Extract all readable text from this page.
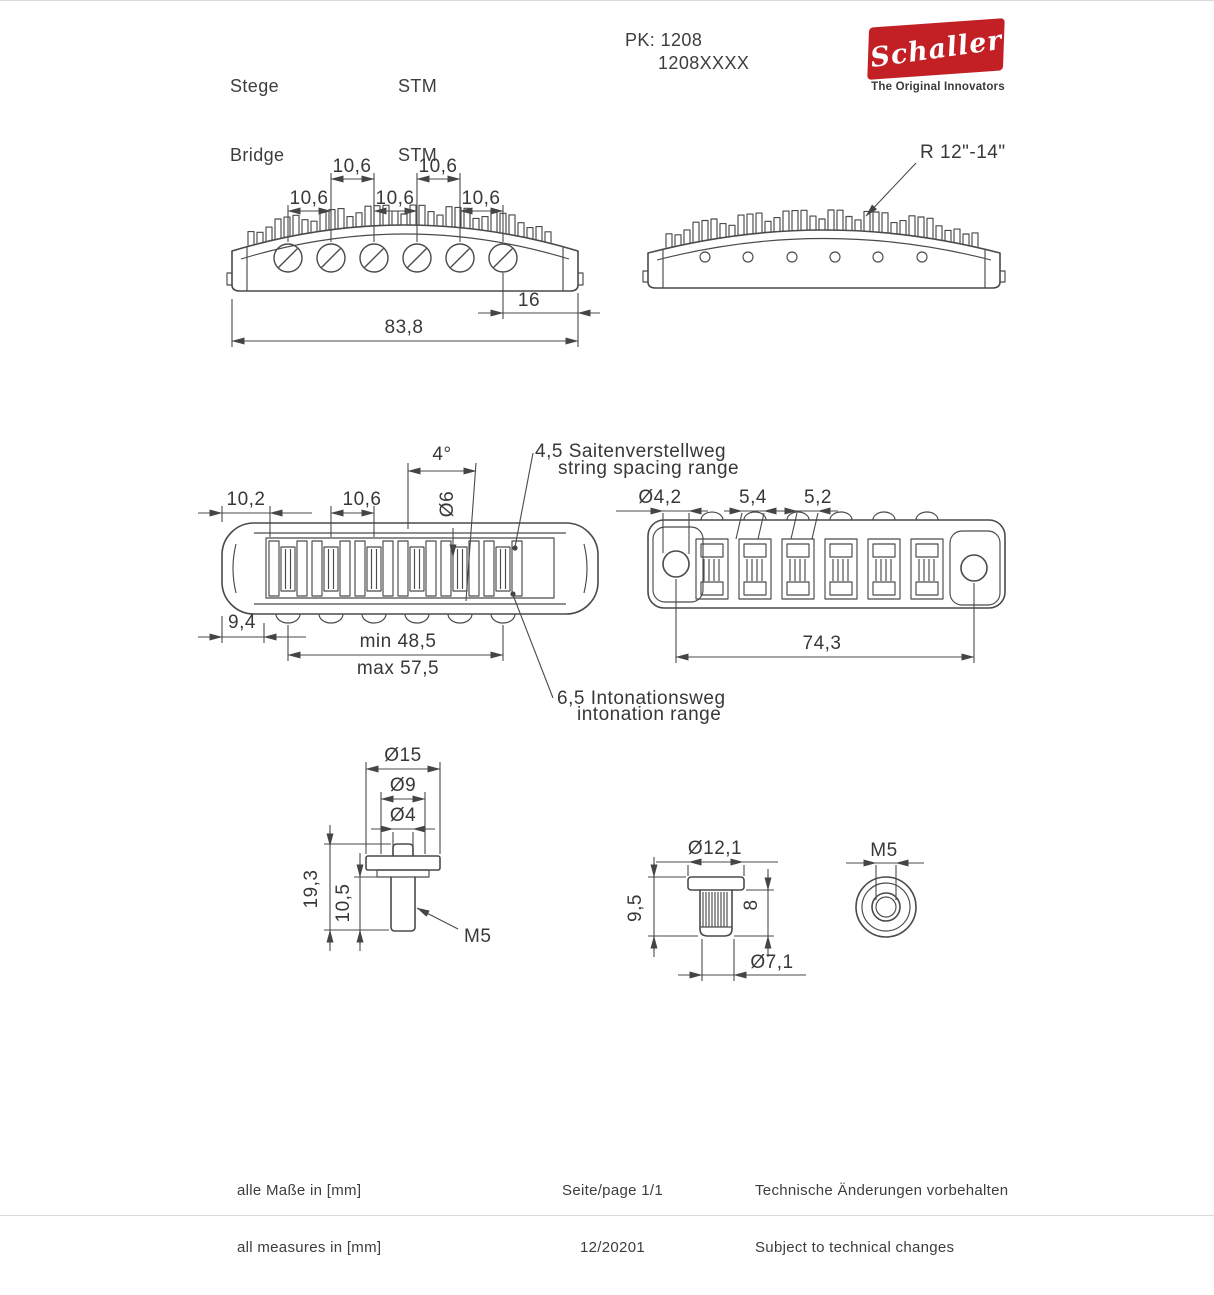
Stege

Bridge

STM

STM

PK: 1208
1208XXXX	Schaller
The Original Innovators
10,6 10,6
10,6 10,6 10,6
16
83,8
R 12"-14"
10,2	10,6
4°
Ø6
9,4
min 48,5
max 57,5
4,5 Saitenverstellweg
string spacing range
6,5 Intonationsweg
intonation range
Ø4,2	5,4 5,2
74,3
Ø15
Ø9
Ø4
19,3 10,5
M5
Ø12,1
9,5	8
Ø7,1
M5

alle Maße in [mm]

all measures in [mm]

Seite/page 1/1

12/20201

Technische Änderungen vorbehalten

Subject to technical changes
